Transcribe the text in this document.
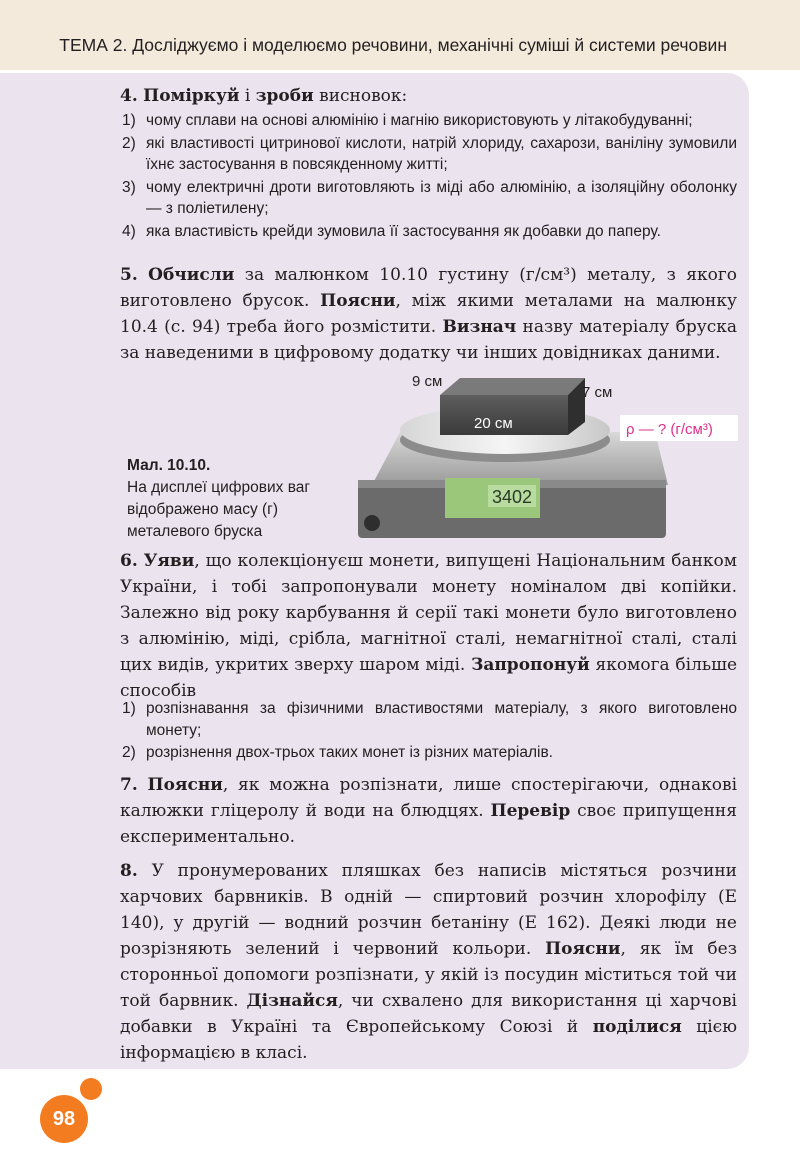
ТЕМА 2. Досліджуємо і моделюємо речовини, механічні суміші й системи речовин
4. Поміркуй і зроби висновок:
1) чому сплави на основі алюмінію і магнію використовують у літакобудуванні;
2) які властивості цитринової кислоти, натрій хлориду, сахарози, ваніліну зумовили їхнє застосування в повсякденному житті;
3) чому електричні дроти виготовляють із міді або алюмінію, а ізоляційну оболонку — з поліетилену;
4) яка властивість крейди зумовила її застосування як добавки до паперу.
5. Обчисли за малюнком 10.10 густину (г/см³) металу, з якого виготовлено брусок. Поясни, між якими металами на малюнку 10.4 (с. 94) треба його розмістити. Визнач назву матеріалу бруска за наведеними в цифровому додатку чи інших довідниках даними.
3402
9 см
7 см
20 см	ρ — ? (г/см³)
Мал. 10.10.
На дисплеї цифрових ваг відображено масу (г) металевого бруска
6. Уяви, що колекціонуєш монети, випущені Національним банком України, і тобі запропонували монету номіналом дві копійки. Залежно від року карбування й серії такі монети було виготовлено з алюмінію, міді, срібла, магнітної сталі, немагнітної сталі, сталі цих видів, укритих зверху шаром міді. Запропонуй якомога більше способів
1) розпізнавання за фізичними властивостями матеріалу, з якого виготовлено монету;
2) розрізнення двох-трьох таких монет із різних матеріалів.
7. Поясни, як можна розпізнати, лише спостерігаючи, однакові калюжки гліцеролу й води на блюдцях. Перевір своє припущення експериментально.
8. У пронумерованих пляшках без написів містяться розчини харчових барвників. В одній — спиртовий розчин хлорофілу (Е 140), у другій — водний розчин бетаніну (Е 162). Деякі люди не розрізняють зелений і червоний кольори. Поясни, як їм без сторонньої допомоги розпізнати, у якій із посудин міститься той чи той барвник. Дізнайся, чи схвалено для використання ці харчові добавки в Україні та Європейському Союзі й поділися цією інформацією в класі.
98
